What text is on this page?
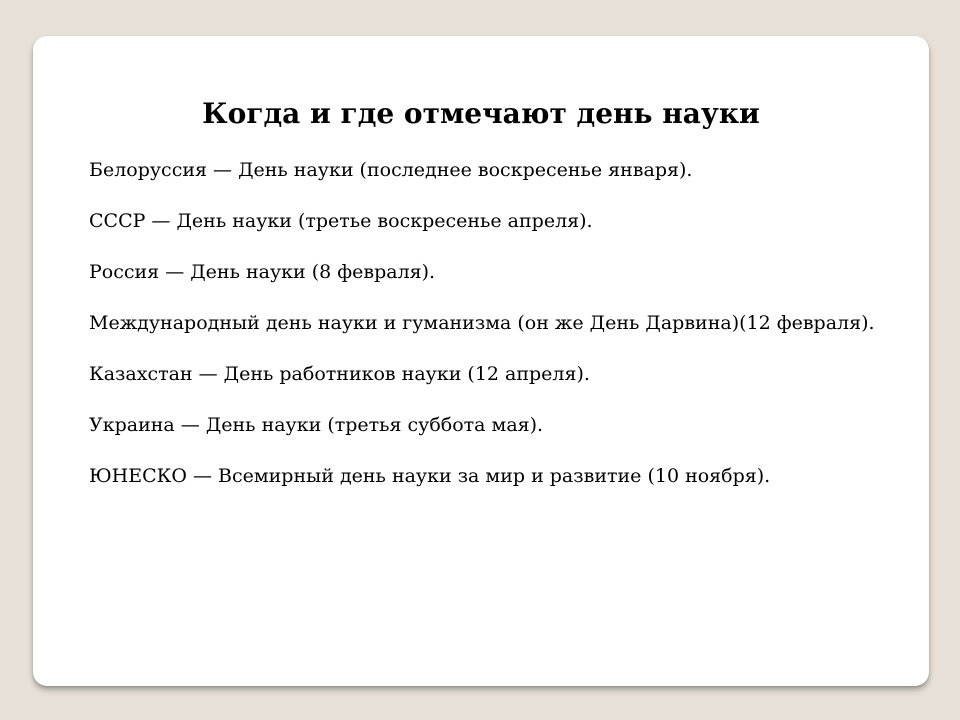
Когда и где отмечают день науки
Белоруссия — День науки (последнее воскресенье января).
СССР — День науки (третье воскресенье апреля).
Россия — День науки (8 февраля).
Международный день науки и гуманизма (он же День Дарвина)(12 февраля).
Казахстан — День работников науки (12 апреля).
Украина — День науки (третья суббота мая).
ЮНЕСКО — Всемирный день науки за мир и развитие (10 ноября).
